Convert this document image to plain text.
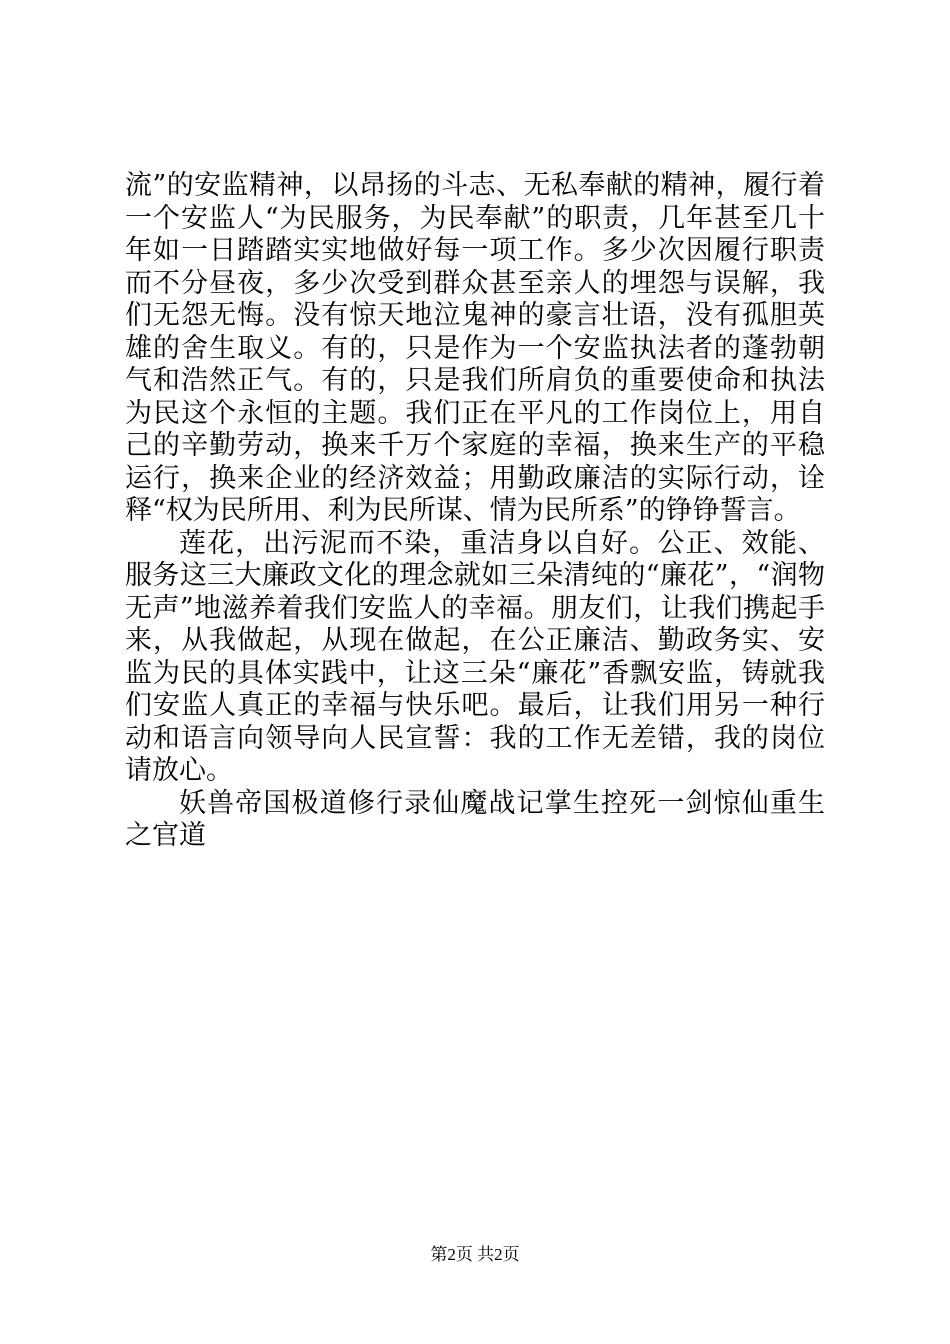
流”的安监精神，以昂扬的斗志、无私奉献的精神，履行着一个安监人“为民服务，为民奉献”的职责，几年甚至几十年如一日踏踏实实地做好每一项工作。多少次因履行职责而不分昼夜，多少次受到群众甚至亲人的埋怨与误解，我们无怨无悔。没有惊天地泣鬼神的豪言壮语，没有孤胆英雄的舍生取义。有的，只是作为一个安监执法者的蓬勃朝气和浩然正气。有的，只是我们所肩负的重要使命和执法为民这个永恒的主题。我们正在平凡的工作岗位上，用自己的辛勤劳动，换来千万个家庭的幸福，换来生产的平稳运行，换来企业的经济效益；用勤政廉洁的实际行动，诠释“权为民所用、利为民所谋、情为民所系”的铮铮誓言。

莲花，出污泥而不染，重洁身以自好。公正、效能、服务这三大廉政文化的理念就如三朵清纯的“廉花”，“润物无声”地滋养着我们安监人的幸福。朋友们，让我们携起手来，从我做起，从现在做起，在公正廉洁、勤政务实、安监为民的具体实践中，让这三朵“廉花”香飘安监，铸就我们安监人真正的幸福与快乐吧。最后，让我们用另一种行动和语言向领导向人民宣誓：我的工作无差错，我的岗位请放心。

妖兽帝国极道修行录仙魔战记掌生控死一剑惊仙重生之官道

第2页 共2页
